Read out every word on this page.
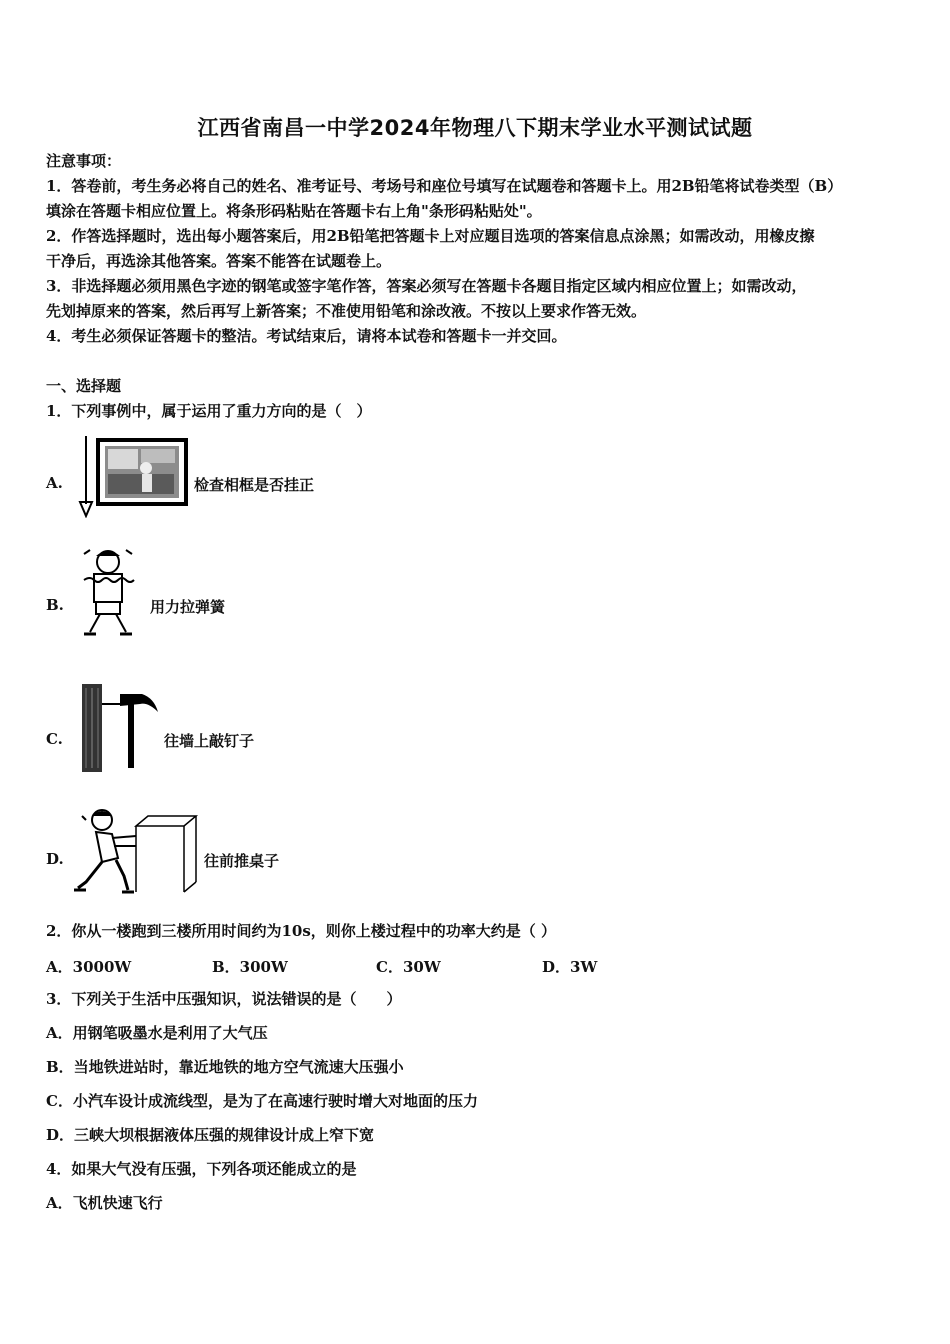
江西省南昌一中学2024年物理八下期末学业水平测试试题
注意事项：
1．答卷前，考生务必将自己的姓名、准考证号、考场号和座位号填写在试题卷和答题卡上。用2B铅笔将试卷类型（B）
填涂在答题卡相应位置上。将条形码粘贴在答题卡右上角"条形码粘贴处"。
2．作答选择题时，选出每小题答案后，用2B铅笔把答题卡上对应题目选项的答案信息点涂黑；如需改动，用橡皮擦
干净后，再选涂其他答案。答案不能答在试题卷上。
3．非选择题必须用黑色字迹的钢笔或签字笔作答，答案必须写在答题卡各题目指定区域内相应位置上；如需改动，
先划掉原来的答案，然后再写上新答案；不准使用铅笔和涂改液。不按以上要求作答无效。
4．考生必须保证答题卡的整洁。考试结束后，请将本试卷和答题卡一并交回。
一、选择题
1．下列事例中，属于运用了重力方向的是（　）
A.	检查相框是否挂正
B.	用力拉弹簧
C.	往墙上敲钉子
D.	往前推桌子
2．你从一楼跑到三楼所用时间约为10s，则你上楼过程中的功率大约是（ ）
A．3000W	B．300W	C．30W	D．3W
3．下列关于生活中压强知识，说法错误的是（　　）
A．用钢笔吸墨水是利用了大气压
B．当地铁进站时，靠近地铁的地方空气流速大压强小
C．小汽车设计成流线型，是为了在高速行驶时增大对地面的压力
D．三峡大坝根据液体压强的规律设计成上窄下宽
4．如果大气没有压强，下列各项还能成立的是
A．飞机快速飞行
